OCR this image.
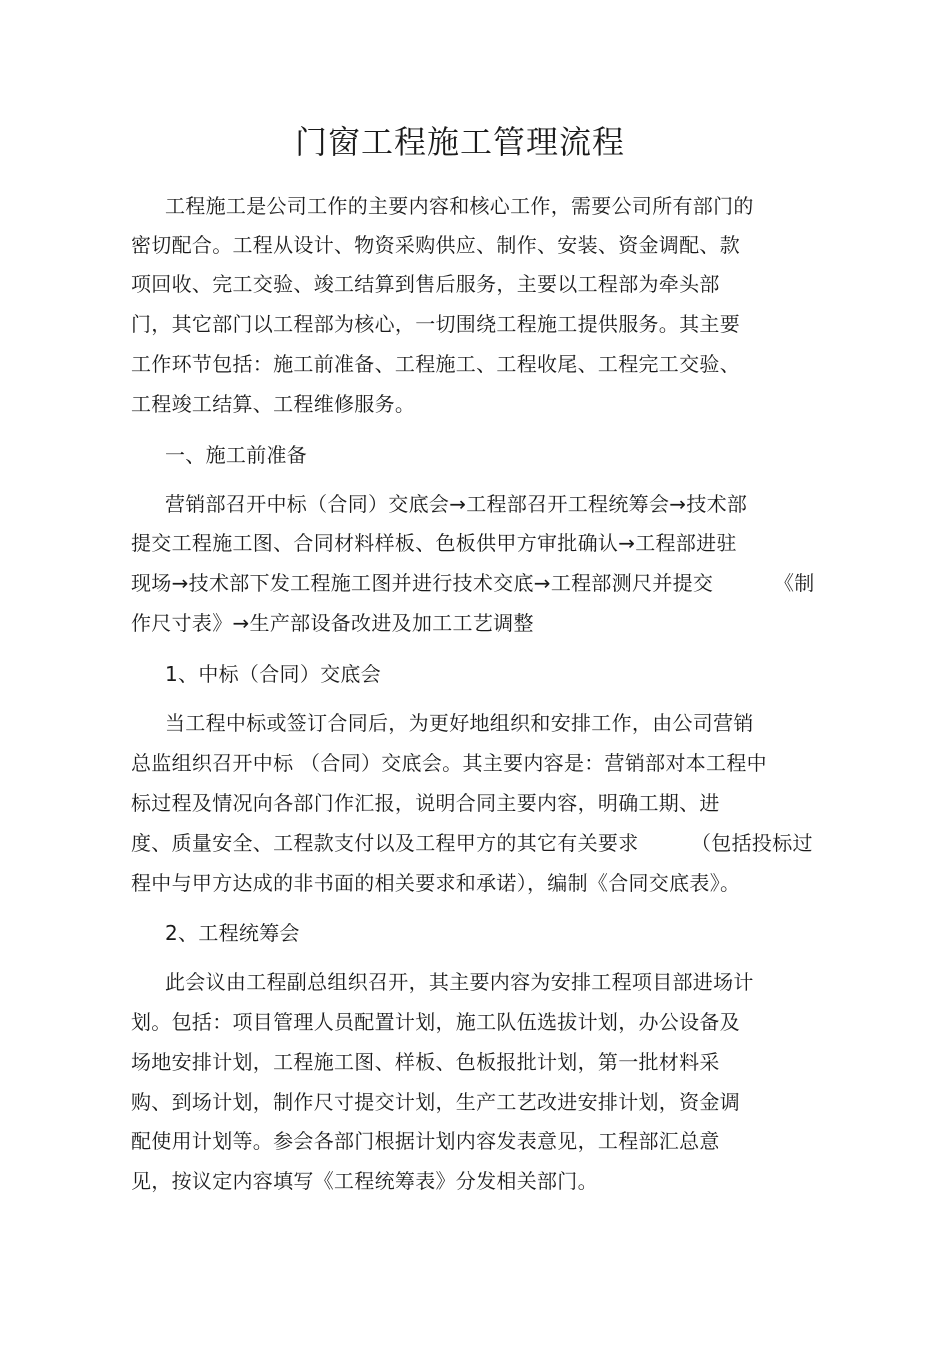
门窗工程施工管理流程
工程施工是公司工作的主要内容和核心工作，需要公司所有部门的
密切配合。工程从设计、物资采购供应、制作、安装、资金调配、款
项回收、完工交验、竣工结算到售后服务，主要以工程部为牵头部
门，其它部门以工程部为核心，一切围绕工程施工提供服务。其主要
工作环节包括：施工前准备、工程施工、工程收尾、工程完工交验、
工程竣工结算、工程维修服务。
一、施工前准备
营销部召开中标（合同）交底会→工程部召开工程统筹会→技术部
提交工程施工图、合同材料样板、色板供甲方审批确认→工程部进驻
现场→技术部下发工程施工图并进行技术交底→工程部测尺并提交	《制
作尺寸表》→生产部设备改进及加工工艺调整
1、中标（合同）交底会
当工程中标或签订合同后，为更好地组织和安排工作，由公司营销
总监组织召开中标 （合同）交底会。其主要内容是：营销部对本工程中
标过程及情况向各部门作汇报，说明合同主要内容，明确工期、进
度、质量安全、工程款支付以及工程甲方的其它有关要求	（包括投标过
程中与甲方达成的非书面的相关要求和承诺），编制《合同交底表》。
2、工程统筹会
此会议由工程副总组织召开，其主要内容为安排工程项目部进场计
划。包括：项目管理人员配置计划，施工队伍选拔计划，办公设备及
场地安排计划，工程施工图、样板、色板报批计划，第一批材料采
购、到场计划，制作尺寸提交计划，生产工艺改进安排计划，资金调
配使用计划等。参会各部门根据计划内容发表意见，工程部汇总意
见，按议定内容填写《工程统筹表》分发相关部门。
